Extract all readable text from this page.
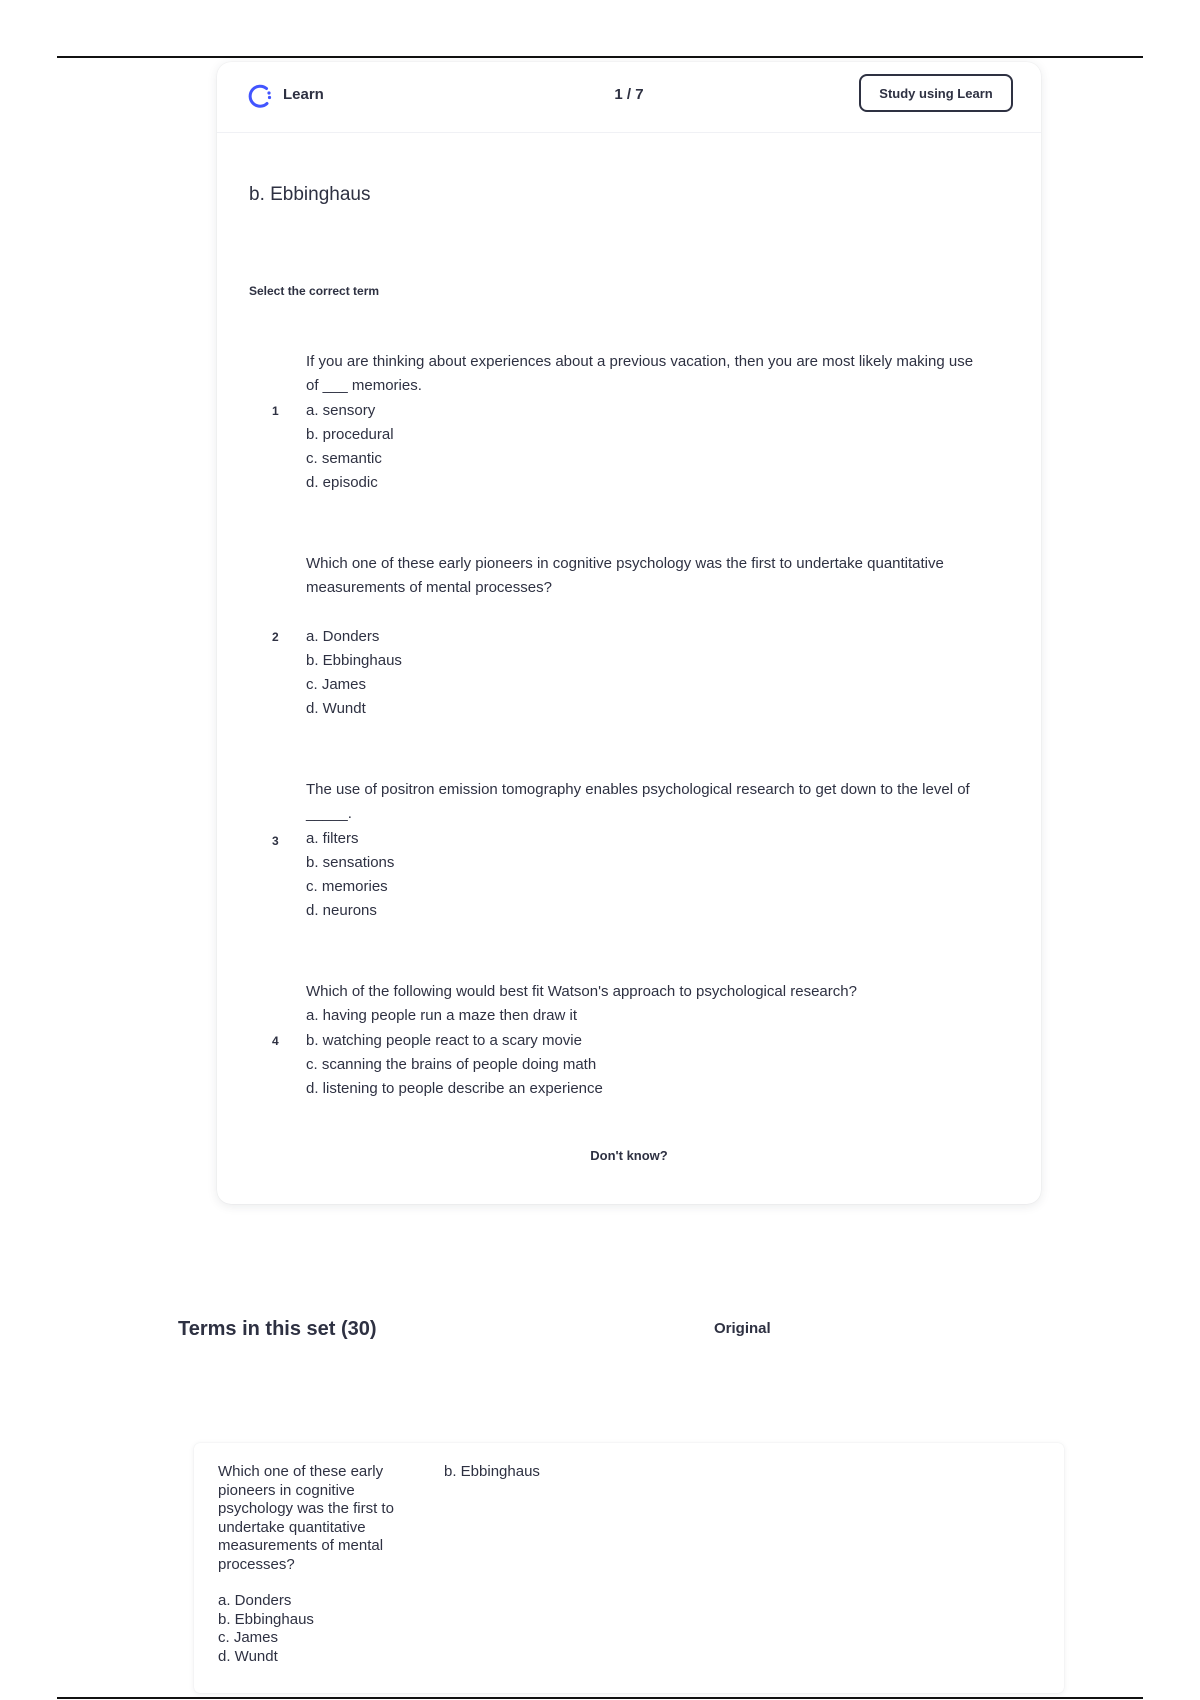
Learn	1 / 7	Study using Learn
b. Ebbinghaus
Select the correct term
1
If you are thinking about experiences about a previous vacation, then you are most likely making use of ___ memories.
a. sensory
b. procedural
c. semantic
d. episodic
2
Which one of these early pioneers in cognitive psychology was the first to undertake quantitative measurements of mental processes?
a. Donders
b. Ebbinghaus
c. James
d. Wundt
3
The use of positron emission tomography enables psychological research to get down to the level of _____.
a. filters
b. sensations
c. memories
d. neurons
4
Which of the following would best fit Watson's approach to psychological research?
a. having people run a maze then draw it
b. watching people react to a scary movie
c. scanning the brains of people doing math
d. listening to people describe an experience
Don't know?
Terms in this set (30)	Original
Which one of these early pioneers in cognitive psychology was the first to undertake quantitative measurements of mental processes?
a. Donders
b. Ebbinghaus
c. James
d. Wundt
b. Ebbinghaus
